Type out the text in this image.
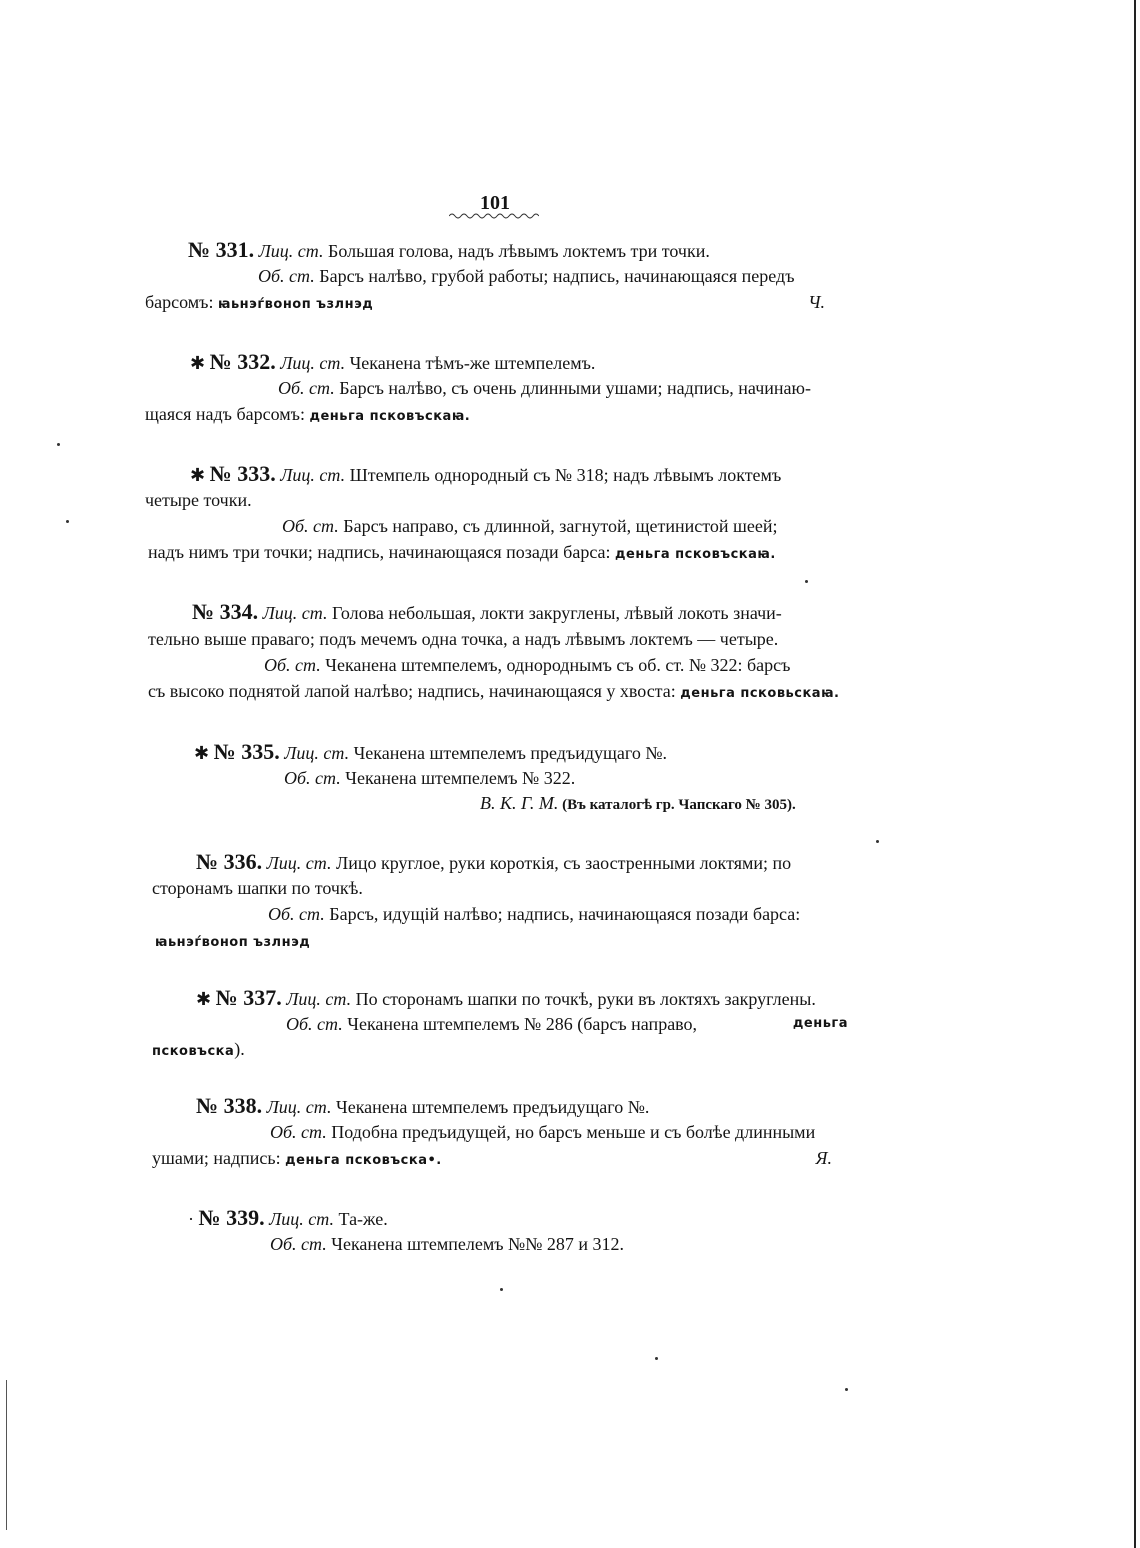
101
№ 331. Лиц. ст. Большая голова, надъ лѣвымъ локтемъ три точки.
Об. ст. Барсъ налѣво, грубой работы; надпись, начинающаяся передъ
барсомъ: ꙗьнэѓвоноп ъзлнэд	Ч.
✱ № 332. Лиц. ст. Чеканена тѣмъ-же штемпелемъ.
Об. ст. Барсъ налѣво, съ очень длинными ушами; надпись, начинаю-
щаяся надъ барсомъ: деньга псковъскаꙗ.
✱ № 333. Лиц. ст. Штемпель однородный съ № 318; надъ лѣвымъ локтемъ
четыре точки.
Об. ст. Барсъ направо, съ длинной, загнутой, щетинистой шеей;
надъ нимъ три точки; надпись, начинающаяся позади барса: деньга псковъскаꙗ.
№ 334. Лиц. ст. Голова небольшая, локти закруглены, лѣвый локоть значи-
тельно выше праваго; подъ мечемъ одна точка, а надъ лѣвымъ локтемъ — четыре.
Об. ст. Чеканена штемпелемъ, однороднымъ съ об. ст. № 322: барсъ
съ высоко поднятой лапой налѣво; надпись, начинающаяся у хвоста: деньга псковьскаꙗ.
✱ № 335. Лиц. ст. Чеканена штемпелемъ предъидущаго №.
Об. ст. Чеканена штемпелемъ № 322.
В. К. Г. М. (Въ каталогѣ гр. Чапскаго № 305).
№ 336. Лиц. ст. Лицо круглое, руки короткія, съ заостренными локтями; по
сторонамъ шапки по точкѣ.
Об. ст. Барсъ, идущій налѣво; надпись, начинающаяся позади барса:
ꙗьнэѓвоноп ъзлнэд
✱ № 337. Лиц. ст. По сторонамъ шапки по точкѣ, руки въ локтяхъ закруглены.
Об. ст. Чеканена штемпелемъ № 286 (барсъ направо,	деньга
псковъска).
№ 338. Лиц. ст. Чеканена штемпелемъ предъидущаго №.
Об. ст. Подобна предъидущей, но барсъ меньше и съ болѣе длинными
ушами; надпись: деньга псковъска•.	Я.
· № 339. Лиц. ст. Та-же.
Об. ст. Чеканена штемпелемъ №№ 287 и 312.
